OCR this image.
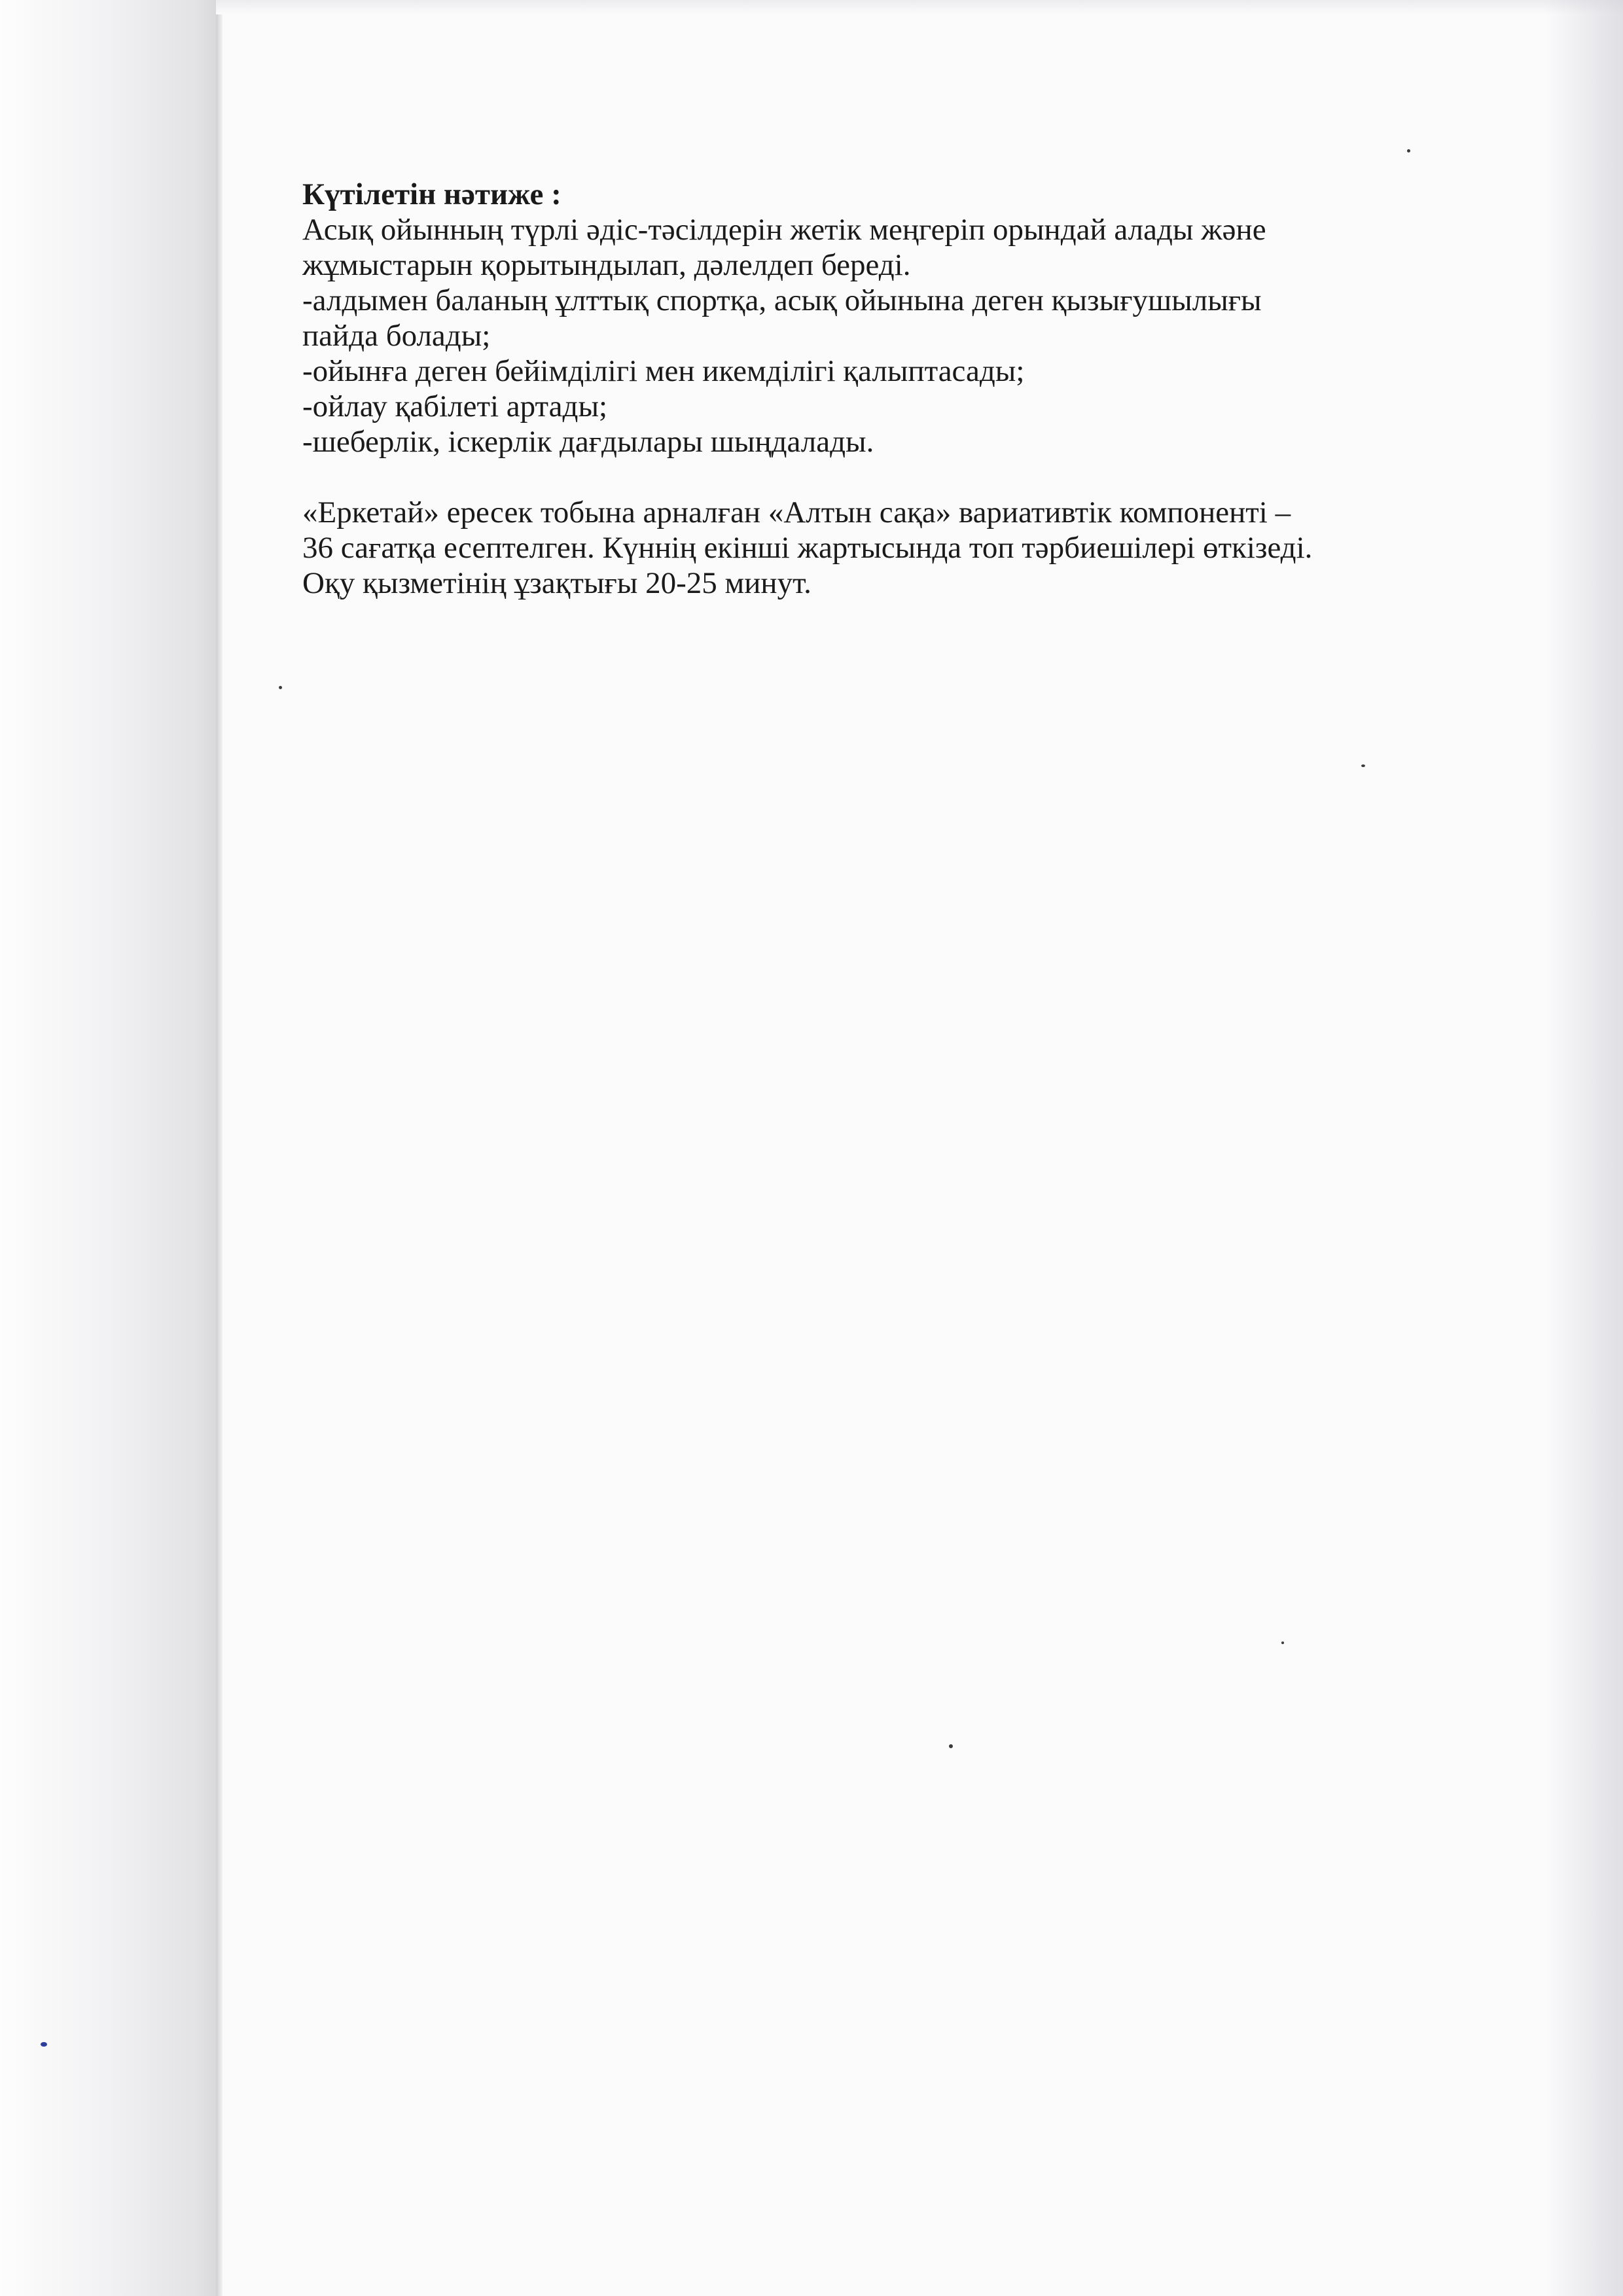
Күтілетін нәтиже :

Асық ойынның түрлі әдіс-тәсілдерін жетік меңгеріп орындай алады және

жұмыстарын қорытындылап, дәлелдеп береді.

-алдымен баланың ұлттық спортқа, асық ойынына деген қызығушылығы

пайда болады;

-ойынға деген бейімділігі мен икемділігі қалыптасады;

-ойлау қабілеті артады;

-шеберлік, іскерлік дағдылары шыңдалады.

«Еркетай» ересек тобына арналған «Алтын сақа» вариативтік компоненті –

36 сағатқа есептелген. Күннің екінші жартысында топ тәрбиешілері өткізеді.

Оқу қызметінің ұзақтығы 20-25 минут.
